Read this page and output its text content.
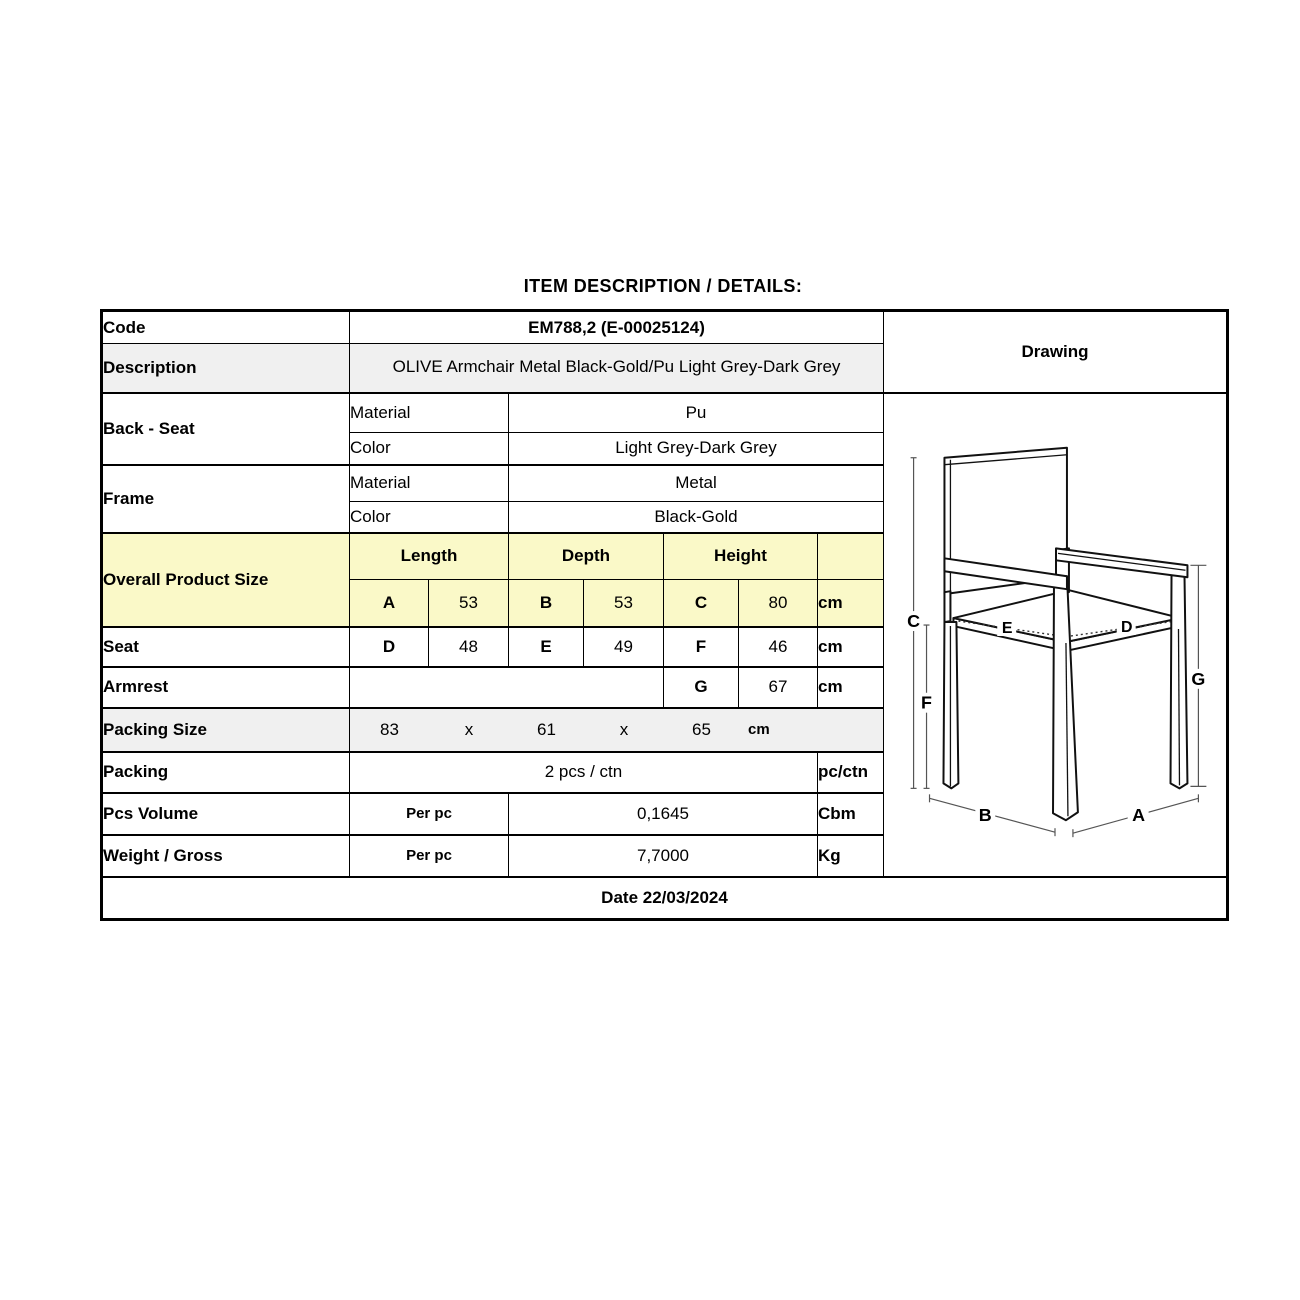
ITEM DESCRIPTION / DETAILS:
Code	EM788,2 (E-00025124)							Drawing
Description	OLIVE Armchair Metal Black-Gold/Pu Light Grey-Dark Grey							

Back - Seat	Material	Pu	
C
F
G
E	D
B	A

	Color		Light Grey-Dark Grey					
Frame	Material		Metal					
	Color		Black-Gold					
Overall Product Size	Length		Depth		Height			
	A	53	B	53	C	80	cm	
Seat	D	48	E	49	F	46	cm	
Armrest					G	67	cm	
Packing Size	83	x	61	x	65	cm

Packing	2 pcs / ctn						pc/ctn	
Pcs Volume	Per pc		0,1645				Cbm	
Weight / Gross	Per pc		7,7000				Kg	
Date 22/03/2024								
